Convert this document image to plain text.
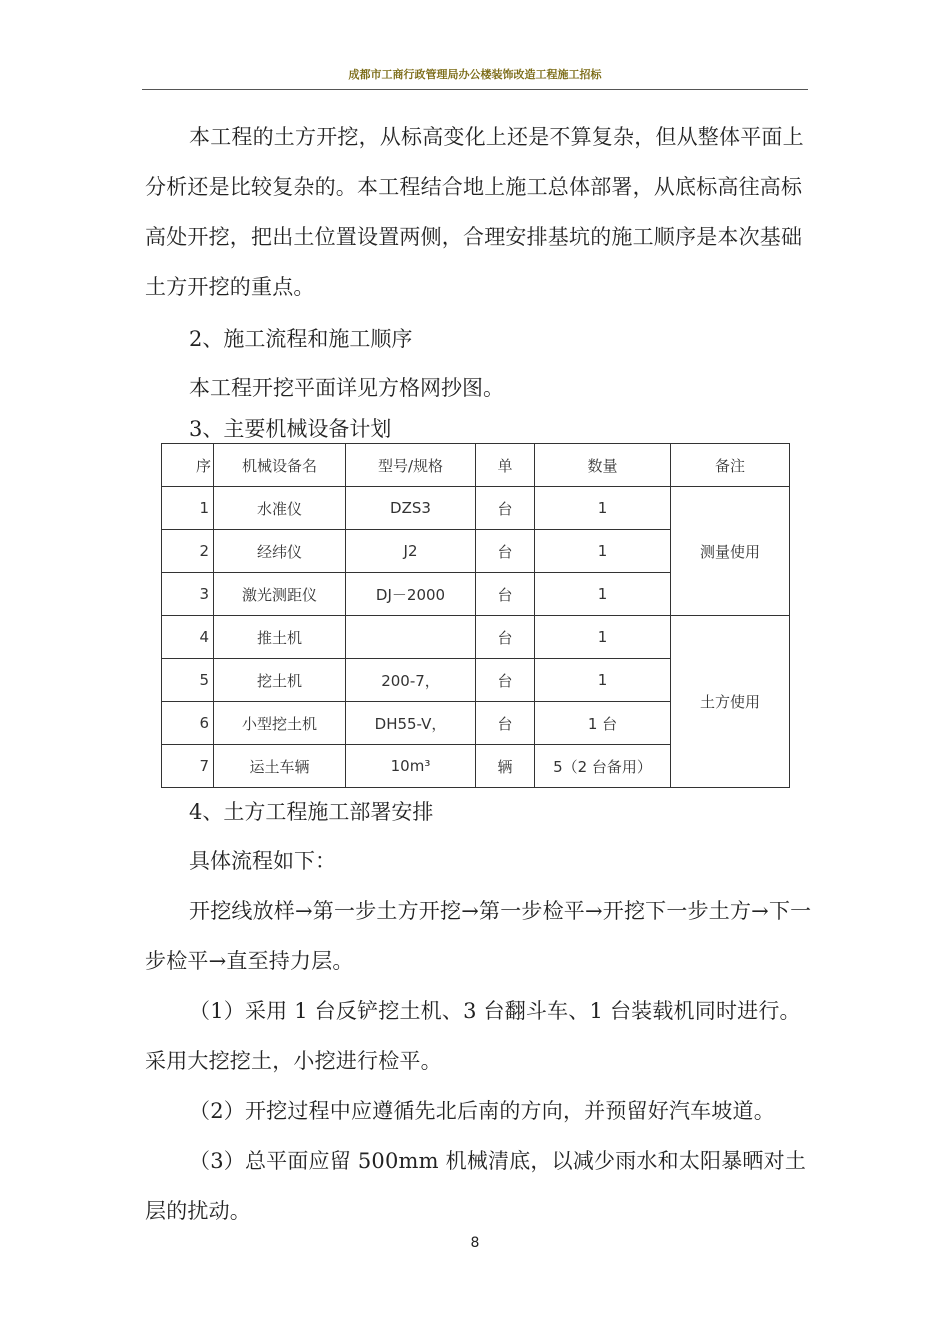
成都市工商行政管理局办公楼装饰改造工程施工招标

本工程的土方开挖，从标高变化上还是不算复杂，但从整体平面上分析还是比较复杂的。本工程结合地上施工总体部署，从底标高往高标高处开挖，把出土位置设置两侧，合理安排基坑的施工顺序是本次基础土方开挖的重点。

2、施工流程和施工顺序

本工程开挖平面详见方格网抄图。

3、主要机械设备计划

序	机械设备名	型号/规格	单	数量	备注
1	水准仪	DZS3	台	1	测量使用
2	经纬仪	J2	台	1	
3	激光测距仪	DJ－2000	台	1	
4	推土机		台	1	土方使用
5	挖土机	200-7，	台	1	
6	小型挖土机	DH55-V，	台	1 台	
7	运土车辆	10m³	辆	5（2 台备用）	

4、土方工程施工部署安排

具体流程如下：

开挖线放样→第一步土方开挖→第一步检平→开挖下一步土方→下一步检平→直至持力层。

（1）采用 1 台反铲挖土机、3 台翻斗车、1 台装载机同时进行。采用大挖挖土，小挖进行检平。

（2）开挖过程中应遵循先北后南的方向，并预留好汽车坡道。

（3）总平面应留 500mm 机械清底，以减少雨水和太阳暴晒对土层的扰动。

8
